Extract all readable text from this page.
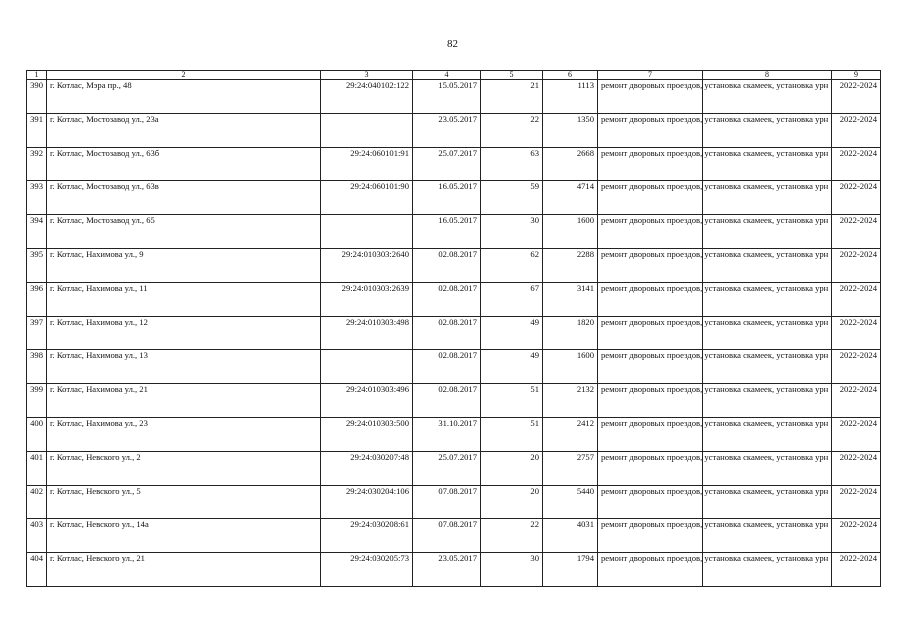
82
1	2	3	4	5	6	7	8	9
390	г. Котлас, Мэра пр., 48	29:24:040102:122	15.05.2017	21	1113	ремонт дворовых проездов, установка скамеек, установка урн		2022-2024
391	г. Котлас, Мостозавод ул., 23а		23.05.2017	22	1350	ремонт дворовых проездов, установка скамеек, установка урн		2022-2024
392	г. Котлас, Мостозавод ул., 63б	29:24:060101:91	25.07.2017	63	2668	ремонт дворовых проездов, установка скамеек, установка урн		2022-2024
393	г. Котлас, Мостозавод ул., 63в	29:24:060101:90	16.05.2017	59	4714	ремонт дворовых проездов, установка скамеек, установка урн		2022-2024
394	г. Котлас, Мостозавод ул., 65		16.05.2017	30	1600	ремонт дворовых проездов, установка скамеек, установка урн		2022-2024
395	г. Котлас, Нахимова ул., 9	29:24:010303:2640	02.08.2017	62	2288	ремонт дворовых проездов, установка скамеек, установка урн		2022-2024
396	г. Котлас, Нахимова ул., 11	29:24:010303:2639	02.08.2017	67	3141	ремонт дворовых проездов, установка скамеек, установка урн		2022-2024
397	г. Котлас, Нахимова ул., 12	29:24:010303:498	02.08.2017	49	1820	ремонт дворовых проездов, установка скамеек, установка урн		2022-2024
398	г. Котлас, Нахимова ул., 13		02.08.2017	49	1600	ремонт дворовых проездов, установка скамеек, установка урн		2022-2024
399	г. Котлас, Нахимова ул., 21	29:24:010303:496	02.08.2017	51	2132	ремонт дворовых проездов, установка скамеек, установка урн		2022-2024
400	г. Котлас, Нахимова ул., 23	29:24:010303:500	31.10.2017	51	2412	ремонт дворовых проездов, установка скамеек, установка урн		2022-2024
401	г. Котлас, Невского ул., 2	29:24:030207:48	25.07.2017	20	2757	ремонт дворовых проездов, установка скамеек, установка урн		2022-2024
402	г. Котлас, Невского ул., 5	29:24:030204:106	07.08.2017	20	5440	ремонт дворовых проездов, установка скамеек, установка урн		2022-2024
403	г. Котлас, Невского ул., 14а	29:24:030208:61	07.08.2017	22	4031	ремонт дворовых проездов, установка скамеек, установка урн		2022-2024
404	г. Котлас, Невского ул., 21	29:24:030205:73	23.05.2017	30	1794	ремонт дворовых проездов, установка скамеек, установка урн		2022-2024
